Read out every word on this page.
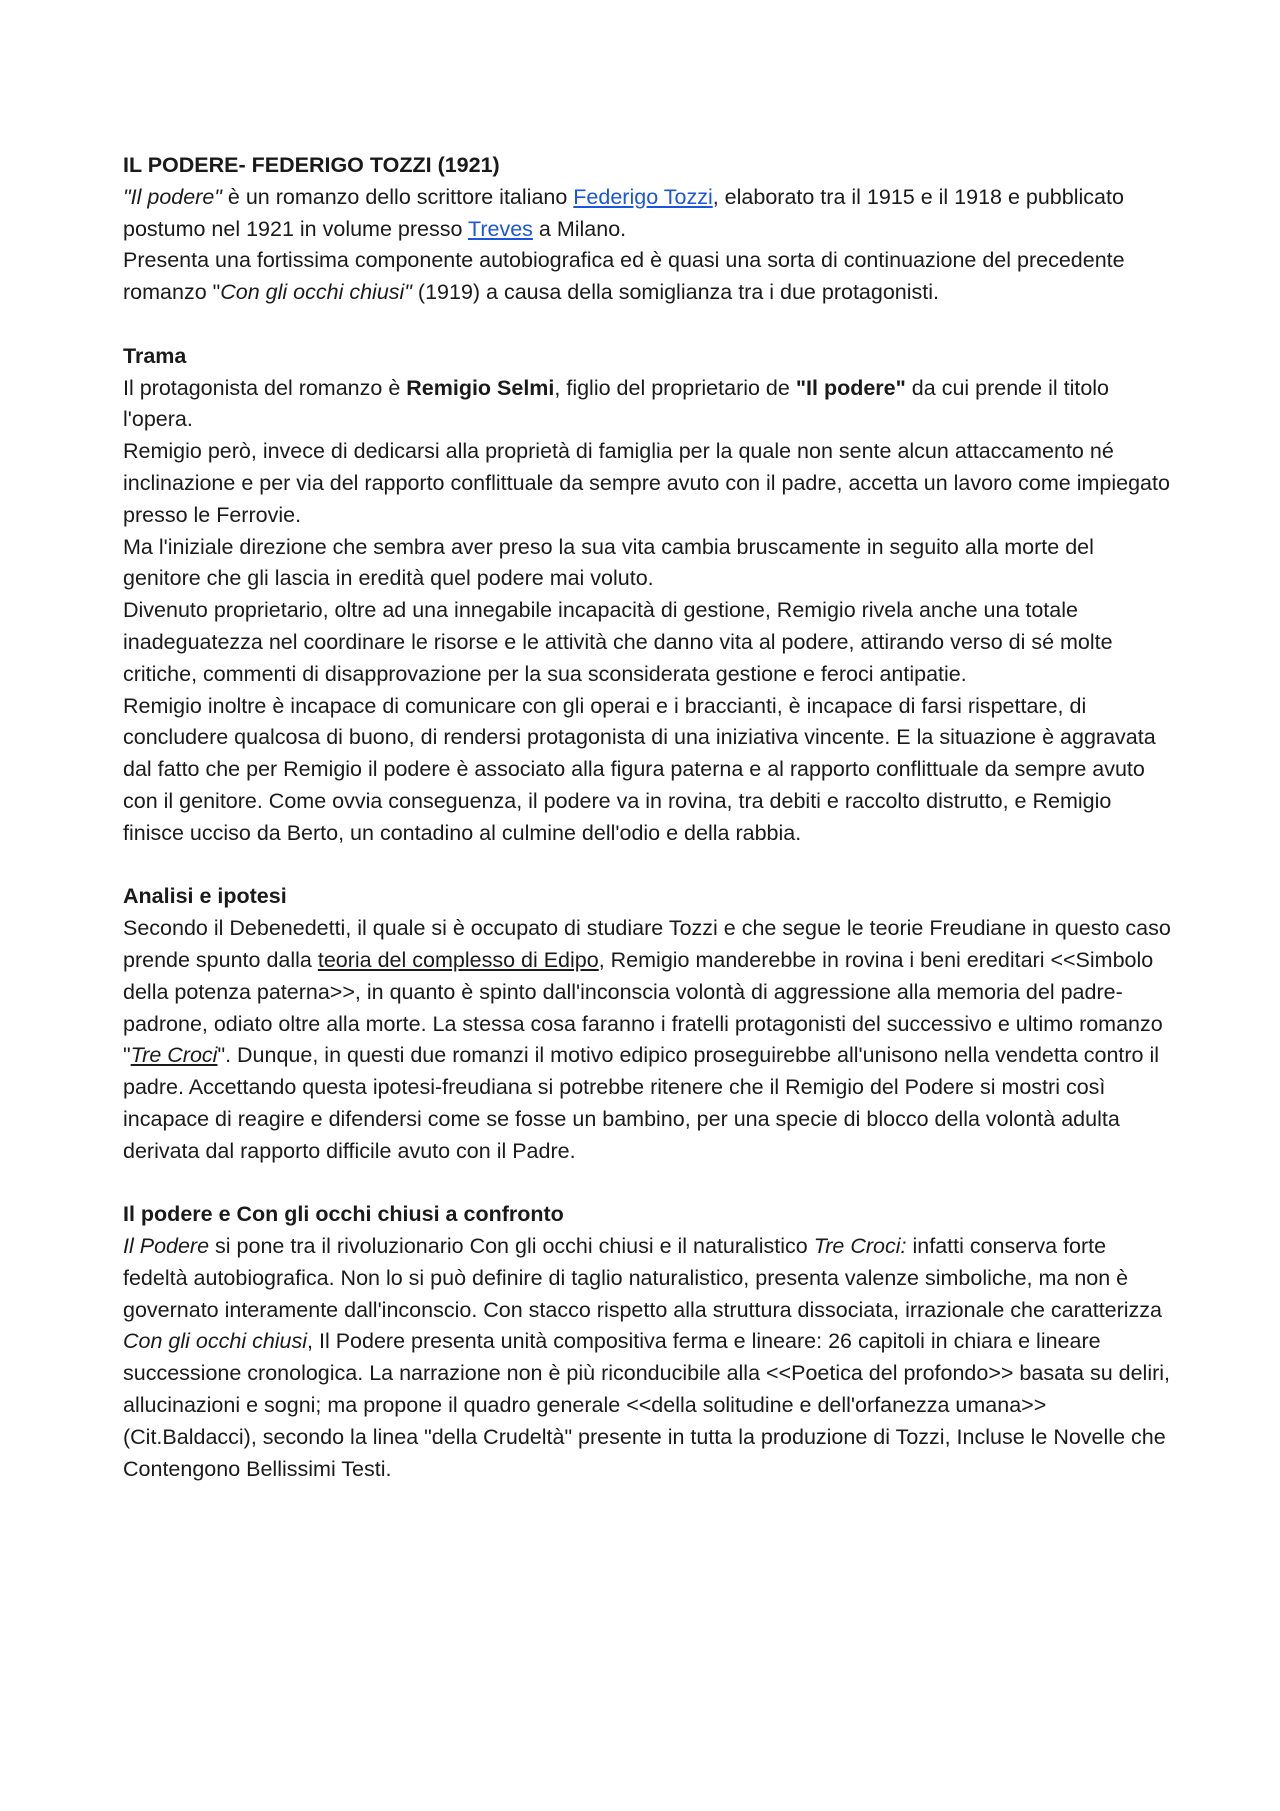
IL PODERE- FEDERIGO TOZZI (1921)

"Il podere" è un romanzo dello scrittore italiano Federigo Tozzi, elaborato tra il 1915 e il 1918 e pubblicato postumo nel 1921 in volume presso Treves a Milano.

Presenta una fortissima componente autobiografica ed è quasi una sorta di continuazione del precedente romanzo "Con gli occhi chiusi" (1919) a causa della somiglianza tra i due protagonisti.

Trama

Il protagonista del romanzo è Remigio Selmi, figlio del proprietario de "Il podere" da cui prende il titolo l'opera.

Remigio però, invece di dedicarsi alla proprietà di famiglia per la quale non sente alcun attaccamento né inclinazione e per via del rapporto conflittuale da sempre avuto con il padre, accetta un lavoro come impiegato presso le Ferrovie.

Ma l'iniziale direzione che sembra aver preso la sua vita cambia bruscamente in seguito alla morte del genitore che gli lascia in eredità quel podere mai voluto.

Divenuto proprietario, oltre ad una innegabile incapacità di gestione, Remigio rivela anche una totale inadeguatezza nel coordinare le risorse e le attività che danno vita al podere, attirando verso di sé molte critiche, commenti di disapprovazione per la sua sconsiderata gestione e feroci antipatie.

Remigio inoltre è incapace di comunicare con gli operai e i braccianti, è incapace di farsi rispettare, di concludere qualcosa di buono, di rendersi protagonista di una iniziativa vincente. E la situazione è aggravata dal fatto che per Remigio il podere è associato alla figura paterna e al rapporto conflittuale da sempre avuto con il genitore. Come ovvia conseguenza, il podere va in rovina, tra debiti e raccolto distrutto, e Remigio finisce ucciso da Berto, un contadino al culmine dell'odio e della rabbia.

Analisi e ipotesi

Secondo il Debenedetti, il quale si è occupato di studiare Tozzi e che segue le teorie Freudiane in questo caso prende spunto dalla teoria del complesso di Edipo, Remigio manderebbe in rovina i beni ereditari <<Simbolo della potenza paterna>>, in quanto è spinto dall'inconscia volontà di aggressione alla memoria del padre-padrone, odiato oltre alla morte. La stessa cosa faranno i fratelli protagonisti del successivo e ultimo romanzo "Tre Croci". Dunque, in questi due romanzi il motivo edipico proseguirebbe all'unisono nella vendetta contro il padre. Accettando questa ipotesi-freudiana si potrebbe ritenere che il Remigio del Podere si mostri così incapace di reagire e difendersi come se fosse un bambino, per una specie di blocco della volontà adulta derivata dal rapporto difficile avuto con il Padre.

Il podere e Con gli occhi chiusi a confronto

Il Podere si pone tra il rivoluzionario Con gli occhi chiusi e il naturalistico Tre Croci: infatti conserva forte fedeltà autobiografica. Non lo si può definire di taglio naturalistico, presenta valenze simboliche, ma non è governato interamente dall'inconscio. Con stacco rispetto alla struttura dissociata, irrazionale che caratterizza Con gli occhi chiusi, Il Podere presenta unità compositiva ferma e lineare: 26 capitoli in chiara e lineare successione cronologica. La narrazione non è più riconducibile alla <<Poetica del profondo>> basata su deliri, allucinazioni e sogni; ma propone il quadro generale <<della solitudine e dell'orfanezza umana>> (Cit.Baldacci), secondo la linea "della Crudeltà" presente in tutta la produzione di Tozzi, Incluse le Novelle che Contengono Bellissimi Testi.
